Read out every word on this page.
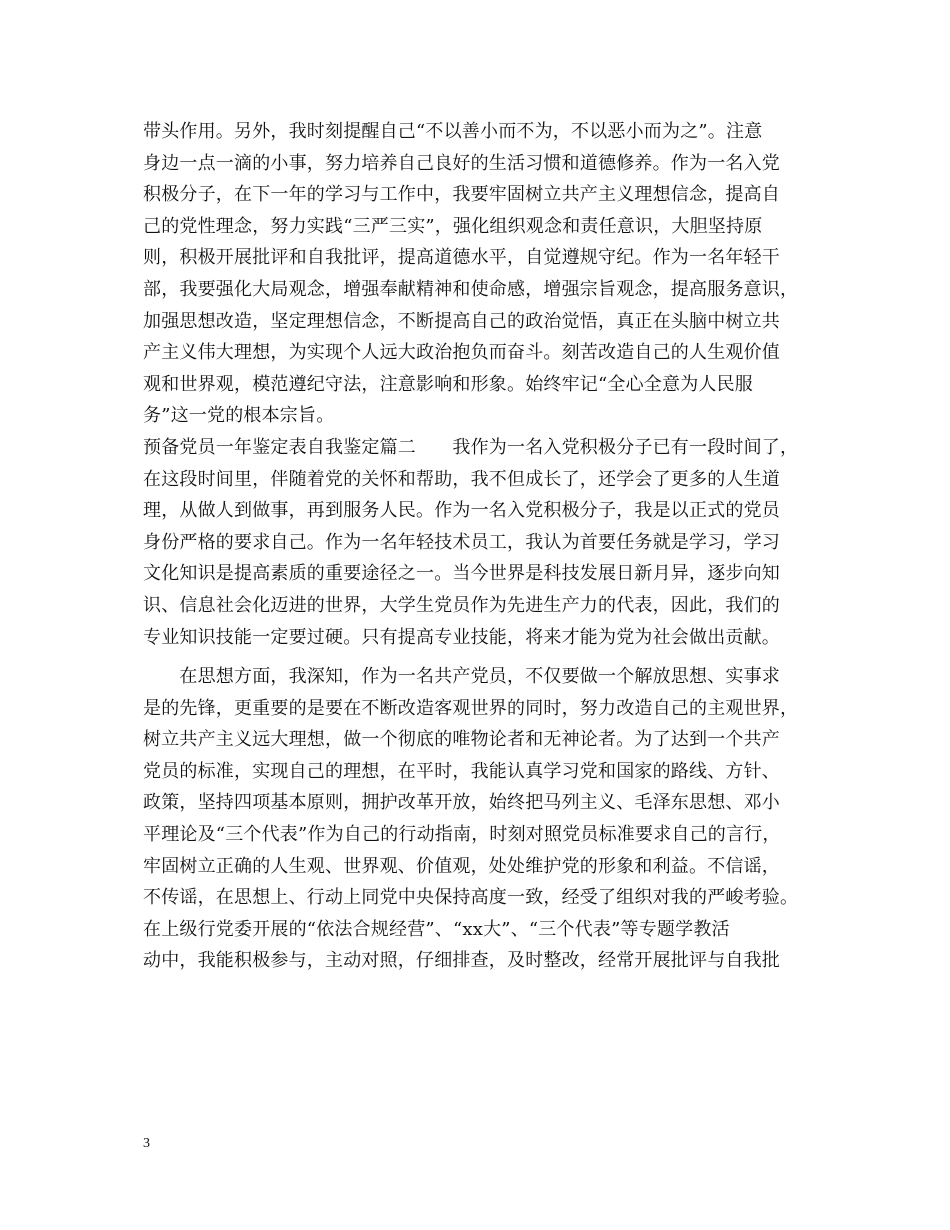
带头作用。另外，我时刻提醒自己“不以善小而不为，不以恶小而为之”。注意
身边一点一滴的小事，努力培养自己良好的生活习惯和道德修养。作为一名入党
积极分子，在下一年的学习与工作中，我要牢固树立共产主义理想信念，提高自
己的党性理念，努力实践“三严三实”，强化组织观念和责任意识，大胆坚持原
则，积极开展批评和自我批评，提高道德水平，自觉遵规守纪。作为一名年轻干
部，我要强化大局观念，增强奉献精神和使命感，增强宗旨观念，提高服务意识，
加强思想改造，坚定理想信念，不断提高自己的政治觉悟，真正在头脑中树立共
产主义伟大理想，为实现个人远大政治抱负而奋斗。刻苦改造自己的人生观价值
观和世界观，模范遵纪守法，注意影响和形象。始终牢记“全心全意为人民服
务”这一党的根本宗旨。
预备党员一年鉴定表自我鉴定篇二　　我作为一名入党积极分子已有一段时间了，
在这段时间里，伴随着党的关怀和帮助，我不但成长了，还学会了更多的人生道
理，从做人到做事，再到服务人民。作为一名入党积极分子，我是以正式的党员
身份严格的要求自己。作为一名年轻技术员工，我认为首要任务就是学习，学习
文化知识是提高素质的重要途径之一。当今世界是科技发展日新月异，逐步向知
识、信息社会化迈进的世界，大学生党员作为先进生产力的代表，因此，我们的
专业知识技能一定要过硬。只有提高专业技能，将来才能为党为社会做出贡献。
　　在思想方面，我深知，作为一名共产党员，不仅要做一个解放思想、实事求
是的先锋，更重要的是要在不断改造客观世界的同时，努力改造自己的主观世界，
树立共产主义远大理想，做一个彻底的唯物论者和无神论者。为了达到一个共产
党员的标准，实现自己的理想，在平时，我能认真学习党和国家的路线、方针、
政策，坚持四项基本原则，拥护改革开放，始终把马列主义、毛泽东思想、邓小
平理论及“三个代表”作为自己的行动指南，时刻对照党员标准要求自己的言行，
牢固树立正确的人生观、世界观、价值观，处处维护党的形象和利益。不信谣，
不传谣，在思想上、行动上同党中央保持高度一致，经受了组织对我的严峻考验。
在上级行党委开展的“依法合规经营”、“xx大”、“三个代表”等专题学教活
动中，我能积极参与，主动对照，仔细排查，及时整改，经常开展批评与自我批
3
